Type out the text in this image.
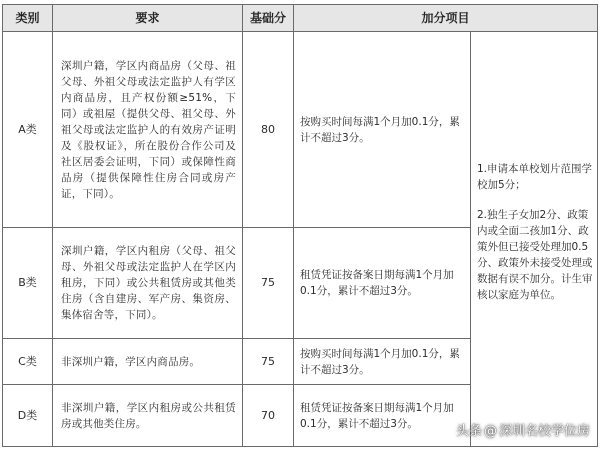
类别	要求	基础分	加分项目	
A类	深圳户籍，学区内商品房（父母、祖父母、外祖父母或法定监护人有学区内商品房，且产权份额≥51%，下同）或祖屋（提供父母、祖父母、外祖父母或法定监护人的有效房产证明及《股权证》，所在股份合作公司及社区居委会证明，下同）或保障性商品房（提供保障性住房合同或房产证，下同）。	80	按购买时间每满1个月加0.1分，累计不超过3分。	1.申请本单校划片范围学校加5分；

2.独生子女加2分、政策内或全面二孩加1分、政策外但已接受处理加0.5分、政策外未接受处理或数据有误不加分。计生审核以家庭为单位。

B类	深圳户籍，学区内租房（父母、祖父母、外祖父母或法定监护人在学区内租房，下同）或公共租赁房或其他类住房（含自建房、军产房、集资房、集体宿舍等，下同）。	75	租赁凭证按备案日期每满1个月加0.1分，累计不超过3分。	
C类	非深圳户籍，学区内商品房。	75	按购买时间每满1个月加0.1分，累计不超过3分。	
D类	非深圳户籍，学区内租房或公共租赁房或其他类住房。	70	租赁凭证按备案日期每满1个月加0.1分，累计不超过3分。	
头条 @ 深圳名校学位房
